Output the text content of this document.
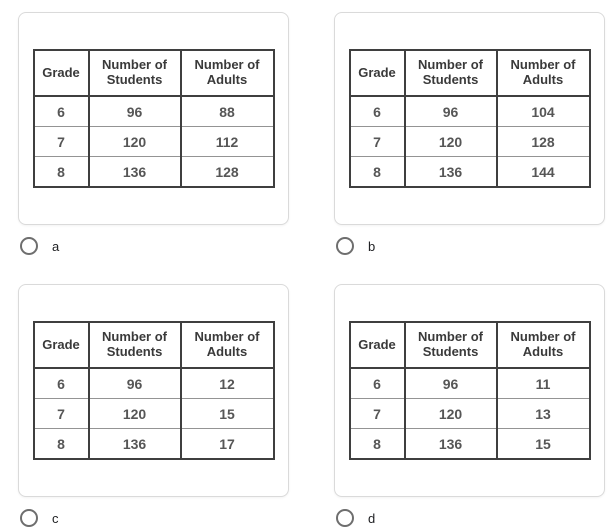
Grade	Number of Students	Number of Adults
6	96	88
7	120	112
8	136	128
a
Grade	Number of Students	Number of Adults
6	96	104
7	120	128
8	136	144
b
Grade	Number of Students	Number of Adults
6	96	12
7	120	15
8	136	17
c
Grade	Number of Students	Number of Adults
6	96	11
7	120	13
8	136	15
d
